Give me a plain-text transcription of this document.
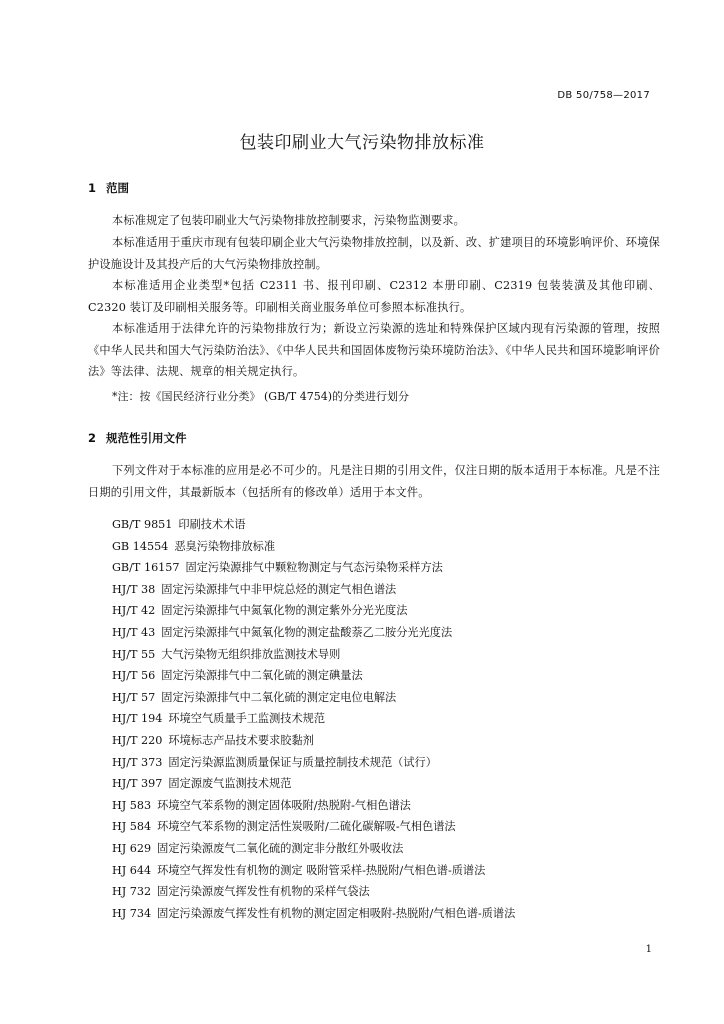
DB 50/758—2017
包装印刷业大气污染物排放标准
1 范围

本标准规定了包装印刷业大气污染物排放控制要求，污染物监测要求。

本标准适用于重庆市现有包装印刷企业大气污染物排放控制，以及新、改、扩建项目的环境影响评价、环境保护设施设计及其投产后的大气污染物排放控制。

本标准适用企业类型*包括 C2311 书、报刊印刷、C2312 本册印刷、C2319 包装装潢及其他印刷、C2320 装订及印刷相关服务等。印刷相关商业服务单位可参照本标准执行。

本标准适用于法律允许的污染物排放行为；新设立污染源的选址和特殊保护区域内现有污染源的管理，按照《中华人民共和国大气污染防治法》、《中华人民共和国固体废物污染环境防治法》、《中华人民共和国环境影响评价法》等法律、法规、规章的相关规定执行。

*注：按《国民经济行业分类》 (GB/T 4754)的分类进行划分
2 规范性引用文件

下列文件对于本标准的应用是必不可少的。凡是注日期的引用文件，仅注日期的版本适用于本标准。凡是不注日期的引用文件，其最新版本（包括所有的修改单）适用于本文件。

GB/T 9851 印刷技术术语
GB 14554 恶臭污染物排放标准
GB/T 16157 固定污染源排气中颗粒物测定与气态污染物采样方法
HJ/T 38 固定污染源排气中非甲烷总烃的测定气相色谱法
HJ/T 42 固定污染源排气中氮氧化物的测定紫外分光光度法
HJ/T 43 固定污染源排气中氮氧化物的测定盐酸萘乙二胺分光光度法
HJ/T 55 大气污染物无组织排放监测技术导则
HJ/T 56 固定污染源排气中二氧化硫的测定碘量法
HJ/T 57 固定污染源排气中二氧化硫的测定定电位电解法
HJ/T 194 环境空气质量手工监测技术规范
HJ/T 220 环境标志产品技术要求胶黏剂
HJ/T 373 固定污染源监测质量保证与质量控制技术规范（试行）
HJ/T 397 固定源废气监测技术规范
HJ 583 环境空气苯系物的测定固体吸附/热脱附-气相色谱法
HJ 584 环境空气苯系物的测定活性炭吸附/二硫化碳解吸-气相色谱法
HJ 629 固定污染源废气二氧化硫的测定非分散红外吸收法
HJ 644 环境空气挥发性有机物的测定 吸附管采样-热脱附/气相色谱-质谱法
HJ 732 固定污染源废气挥发性有机物的采样气袋法
HJ 734 固定污染源废气挥发性有机物的测定固定相吸附-热脱附/气相色谱-质谱法
1
